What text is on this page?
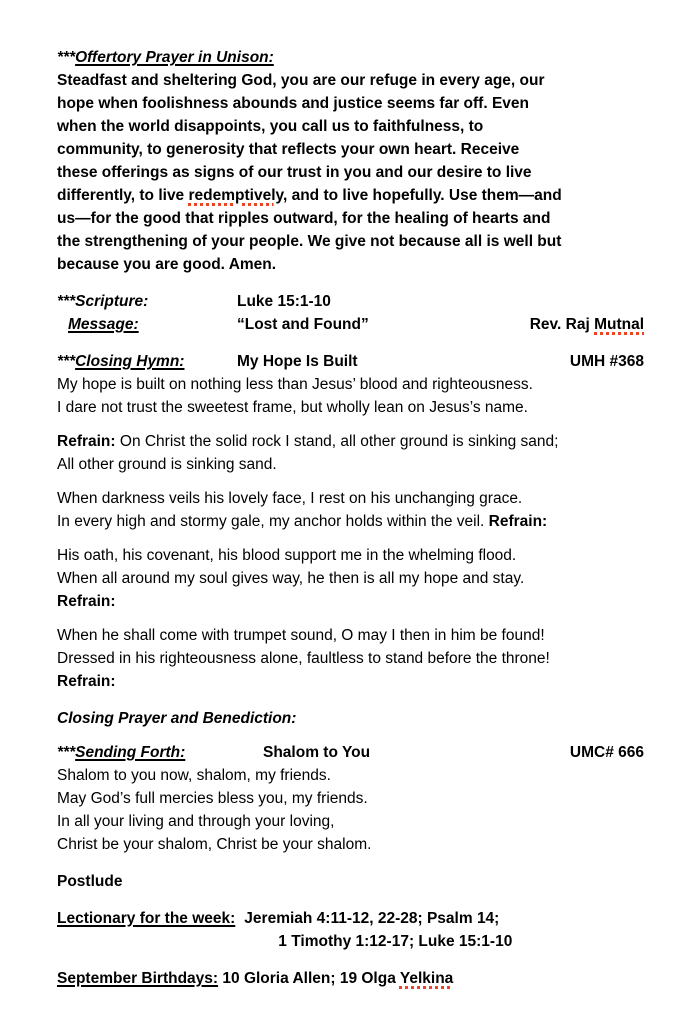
***Offertory Prayer in Unison:
Steadfast and sheltering God, you are our refuge in every age, our
hope when foolishness abounds and justice seems far off. Even
when the world disappoints, you call us to faithfulness, to
community, to generosity that reflects your own heart. Receive
these offerings as signs of our trust in you and our desire to live
differently, to live redemptively, and to live hopefully. Use them—and
us—for the good that ripples outward, for the healing of hearts and
the strengthening of your people. We give not because all is well but
because you are good. Amen.
***Scripture:	Luke 15:1-10
Message:	“Lost and Found”	Rev. Raj Mutnal
***Closing Hymn:	My Hope Is Built	UMH #368
My hope is built on nothing less than Jesus’ blood and righteousness.
I dare not trust the sweetest frame, but wholly lean on Jesus’s name.
Refrain: On Christ the solid rock I stand, all other ground is sinking sand;
All other ground is sinking sand.
When darkness veils his lovely face, I rest on his unchanging grace.
In every high and stormy gale, my anchor holds within the veil. Refrain:
His oath, his covenant, his blood support me in the whelming flood.
When all around my soul gives way, he then is all my hope and stay.
Refrain:
When he shall come with trumpet sound, O may I then in him be found!
Dressed in his righteousness alone, faultless to stand before the throne!
Refrain:
Closing Prayer and Benediction:
***Sending Forth:	Shalom to You	UMC# 666
Shalom to you now, shalom, my friends.
May God’s full mercies bless you, my friends.
In all your living and through your loving,
Christ be your shalom, Christ be your shalom.
Postlude
Lectionary for the week: Jeremiah 4:11-12, 22-28; Psalm 14;
1 Timothy 1:12-17; Luke 15:1-10
September Birthdays: 10 Gloria Allen; 19 Olga Yelkina
